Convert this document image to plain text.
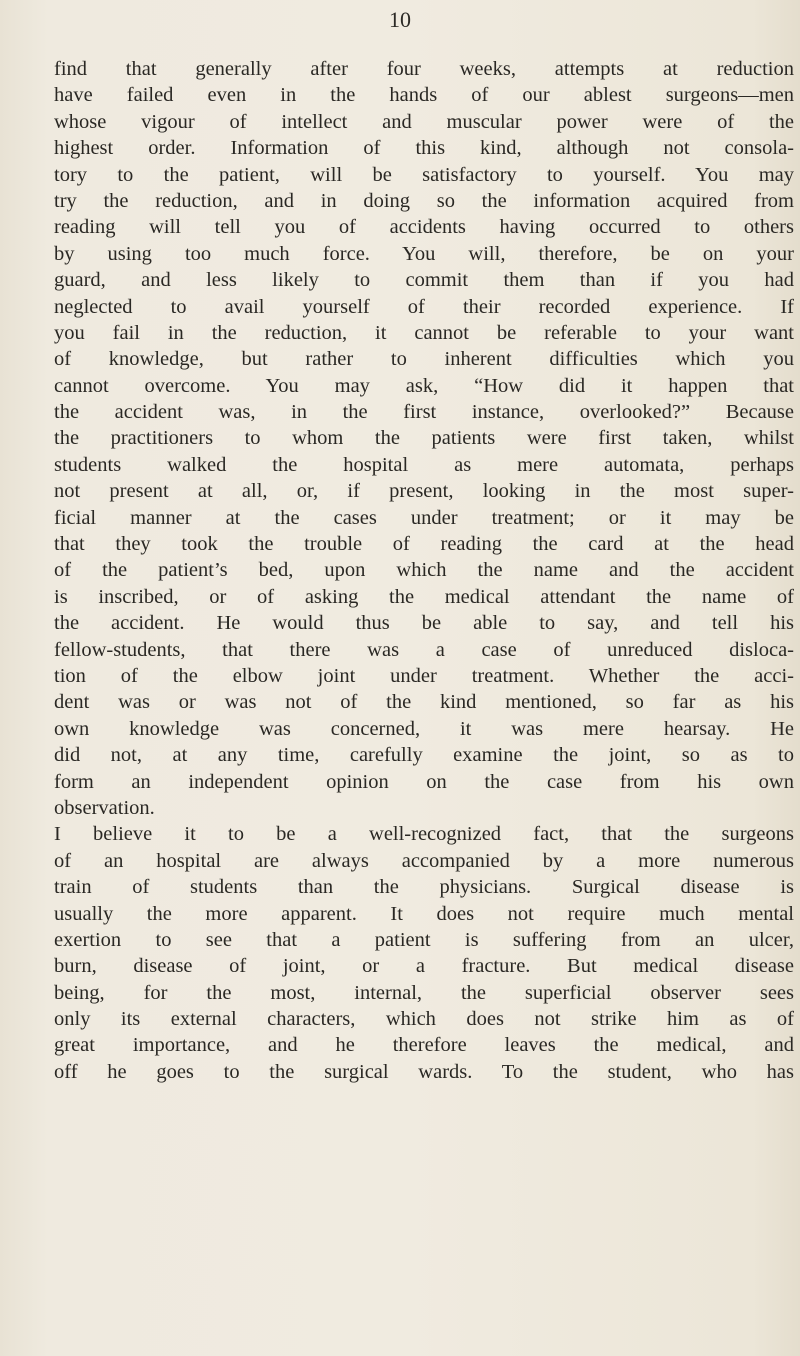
10
find that generally after four weeks, attempts at reduction
have failed even in the hands of our ablest surgeons—men
whose vigour of intellect and muscular power were of the
highest order. Information of this kind, although not consola-
tory to the patient, will be satisfactory to yourself. You may
try the reduction, and in doing so the information acquired from
reading will tell you of accidents having occurred to others
by using too much force. You will, therefore, be on your
guard, and less likely to commit them than if you had
neglected to avail yourself of their recorded experience. If
you fail in the reduction, it cannot be referable to your want
of knowledge, but rather to inherent difficulties which you
cannot overcome. You may ask, “How did it happen that
the accident was, in the first instance, overlooked?” Because
the practitioners to whom the patients were first taken, whilst
students walked the hospital as mere automata, perhaps
not present at all, or, if present, looking in the most super-
ficial manner at the cases under treatment; or it may be
that they took the trouble of reading the card at the head
of the patient’s bed, upon which the name and the accident
is inscribed, or of asking the medical attendant the name of
the accident. He would thus be able to say, and tell his
fellow-students, that there was a case of unreduced disloca-
tion of the elbow joint under treatment. Whether the acci-
dent was or was not of the kind mentioned, so far as his
own knowledge was concerned, it was mere hearsay. He
did not, at any time, carefully examine the joint, so as to
form an independent opinion on the case from his own
observation.
I believe it to be a well-recognized fact, that the surgeons
of an hospital are always accompanied by a more numerous
train of students than the physicians. Surgical disease is
usually the more apparent. It does not require much mental
exertion to see that a patient is suffering from an ulcer,
burn, disease of joint, or a fracture. But medical disease
being, for the most, internal, the superficial observer sees
only its external characters, which does not strike him as of
great importance, and he therefore leaves the medical, and
off he goes to the surgical wards. To the student, who has
